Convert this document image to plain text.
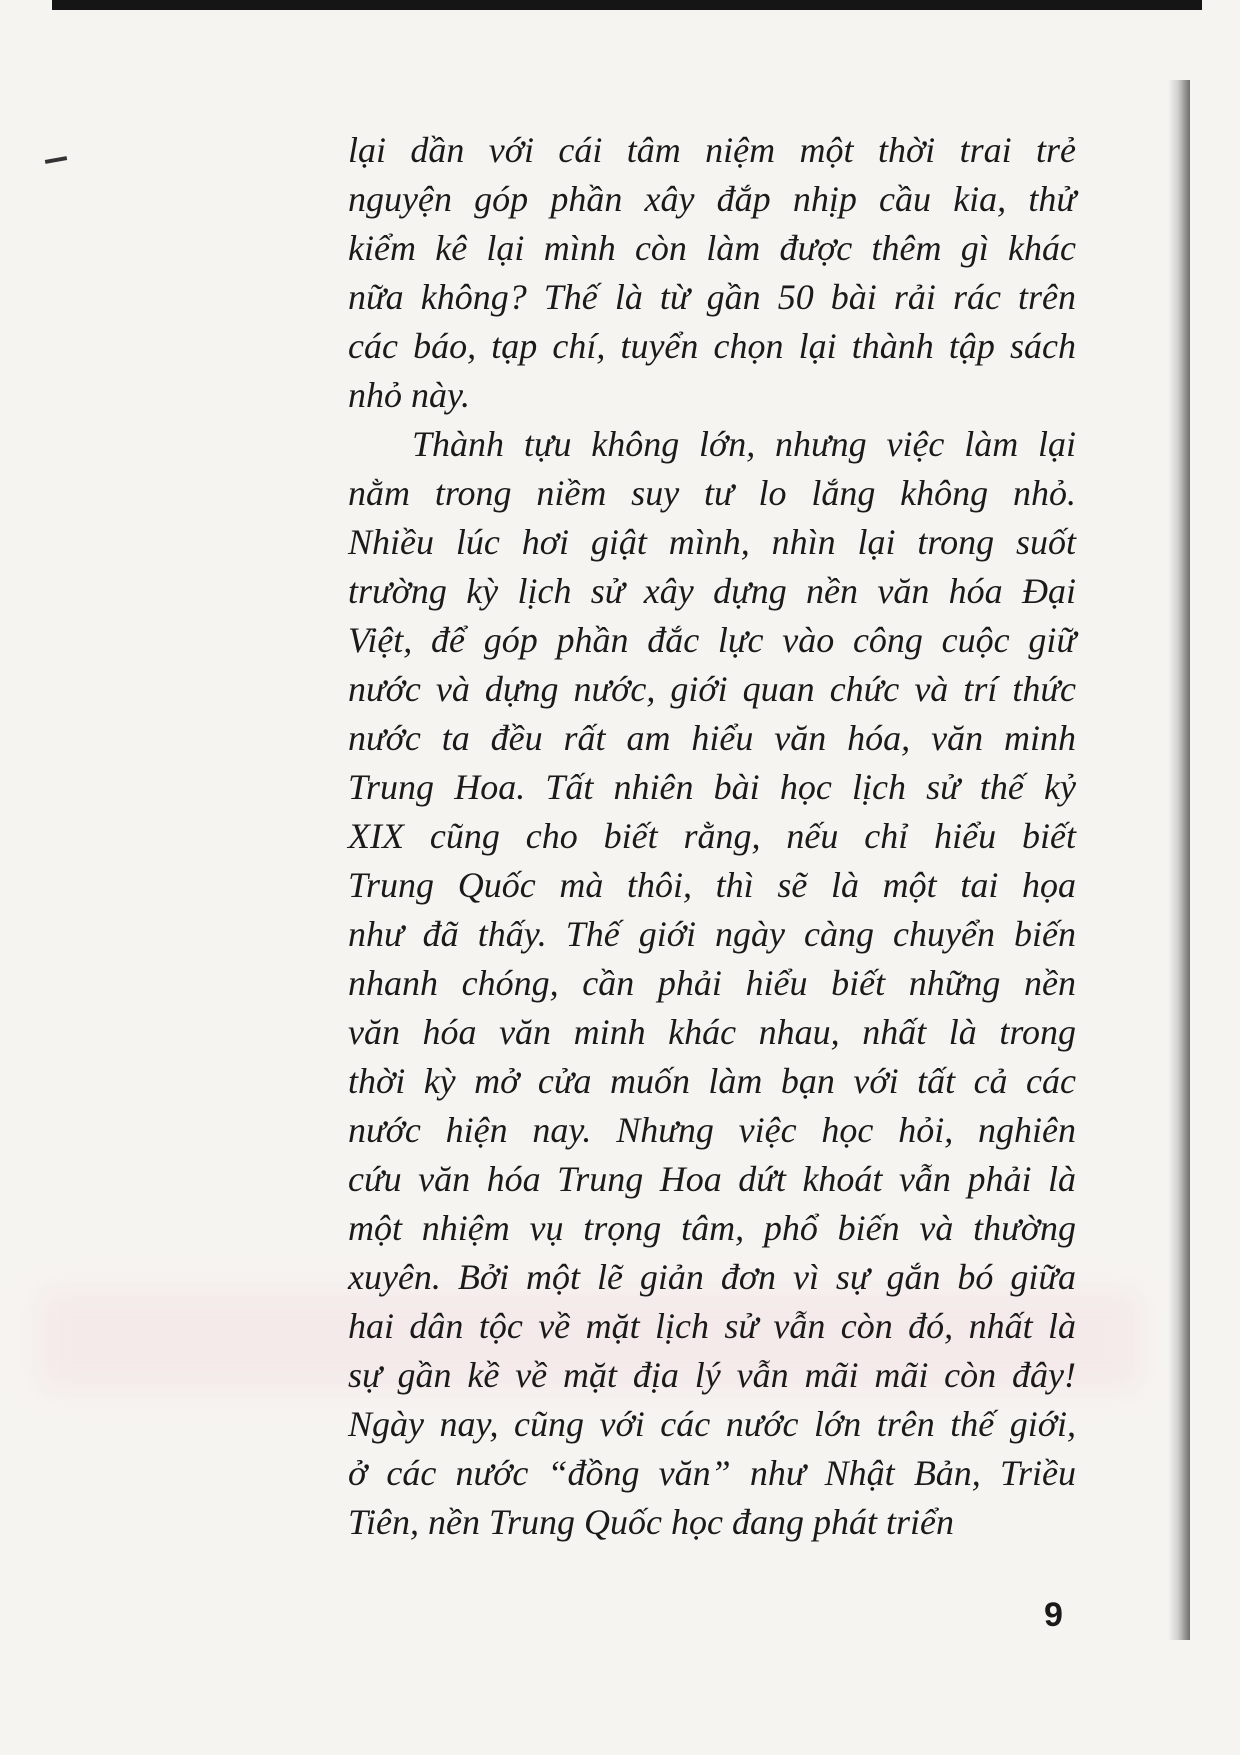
lại dần với cái tâm niệm một thời trai trẻ
nguyện góp phần xây đắp nhịp cầu kia, thử
kiểm kê lại mình còn làm được thêm gì khác
nữa không? Thế là từ gần 50 bài rải rác trên
các báo, tạp chí, tuyển chọn lại thành tập sách
nhỏ này.
Thành tựu không lớn, nhưng việc làm lại
nằm trong niềm suy tư lo lắng không nhỏ.
Nhiều lúc hơi giật mình, nhìn lại trong suốt
trường kỳ lịch sử xây dựng nền văn hóa Đại
Việt, để góp phần đắc lực vào công cuộc giữ
nước và dựng nước, giới quan chức và trí thức
nước ta đều rất am hiểu văn hóa, văn minh
Trung Hoa. Tất nhiên bài học lịch sử thế kỷ
XIX cũng cho biết rằng, nếu chỉ hiểu biết
Trung Quốc mà thôi, thì sẽ là một tai họa
như đã thấy. Thế giới ngày càng chuyển biến
nhanh chóng, cần phải hiểu biết những nền
văn hóa văn minh khác nhau, nhất là trong
thời kỳ mở cửa muốn làm bạn với tất cả các
nước hiện nay. Nhưng việc học hỏi, nghiên
cứu văn hóa Trung Hoa dứt khoát vẫn phải là
một nhiệm vụ trọng tâm, phổ biến và thường
xuyên. Bởi một lẽ giản đơn vì sự gắn bó giữa
hai dân tộc về mặt lịch sử vẫn còn đó, nhất là
sự gần kề về mặt địa lý vẫn mãi mãi còn đây!
Ngày nay, cũng với các nước lớn trên thế giới,
ở các nước “đồng văn” như Nhật Bản, Triều
Tiên, nền Trung Quốc học đang phát triển
9
